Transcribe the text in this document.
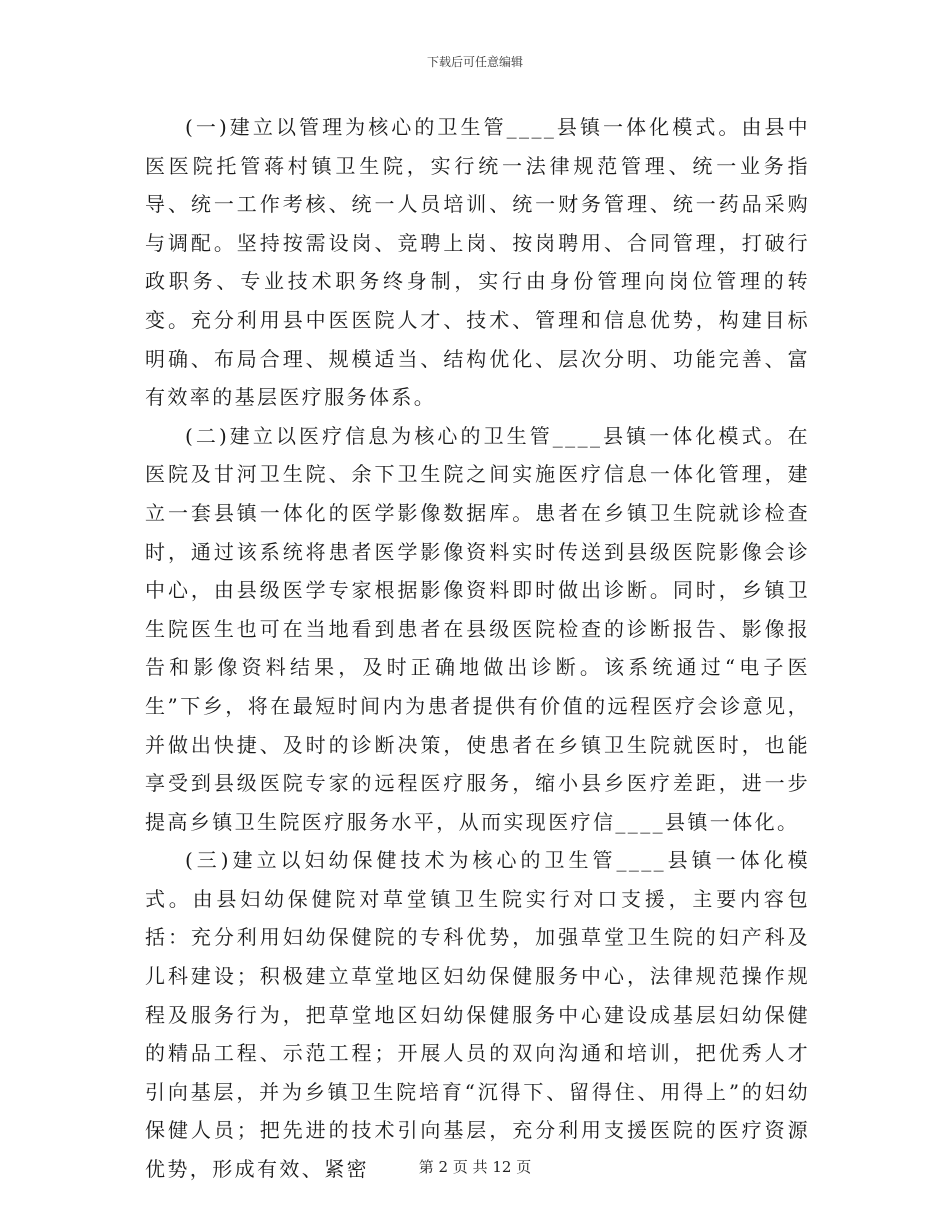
下载后可任意编辑

(一)建立以管理为核心的卫生管____县镇一体化模式。由县中医医院托管蒋村镇卫生院，实行统一法律规范管理、统一业务指导、统一工作考核、统一人员培训、统一财务管理、统一药品采购与调配。坚持按需设岗、竞聘上岗、按岗聘用、合同管理，打破行政职务、专业技术职务终身制，实行由身份管理向岗位管理的转变。充分利用县中医医院人才、技术、管理和信息优势，构建目标明确、布局合理、规模适当、结构优化、层次分明、功能完善、富有效率的基层医疗服务体系。

(二)建立以医疗信息为核心的卫生管____县镇一体化模式。在医院及甘河卫生院、余下卫生院之间实施医疗信息一体化管理，建立一套县镇一体化的医学影像数据库。患者在乡镇卫生院就诊检查时，通过该系统将患者医学影像资料实时传送到县级医院影像会诊中心，由县级医学专家根据影像资料即时做出诊断。同时，乡镇卫生院医生也可在当地看到患者在县级医院检查的诊断报告、影像报告和影像资料结果，及时正确地做出诊断。该系统通过“电子医生”下乡，将在最短时间内为患者提供有价值的远程医疗会诊意见，并做出快捷、及时的诊断决策，使患者在乡镇卫生院就医时，也能享受到县级医院专家的远程医疗服务，缩小县乡医疗差距，进一步提高乡镇卫生院医疗服务水平，从而实现医疗信____县镇一体化。

(三)建立以妇幼保健技术为核心的卫生管____县镇一体化模式。由县妇幼保健院对草堂镇卫生院实行对口支援，主要内容包括：充分利用妇幼保健院的专科优势，加强草堂卫生院的妇产科及儿科建设；积极建立草堂地区妇幼保健服务中心，法律规范操作规程及服务行为，把草堂地区妇幼保健服务中心建设成基层妇幼保健的精品工程、示范工程；开展人员的双向沟通和培训，把优秀人才引向基层，并为乡镇卫生院培育“沉得下、留得住、用得上”的妇幼保健人员；把先进的技术引向基层，充分利用支援医院的医疗资源优势，形成有效、紧密	第 2 页 共 12 页
